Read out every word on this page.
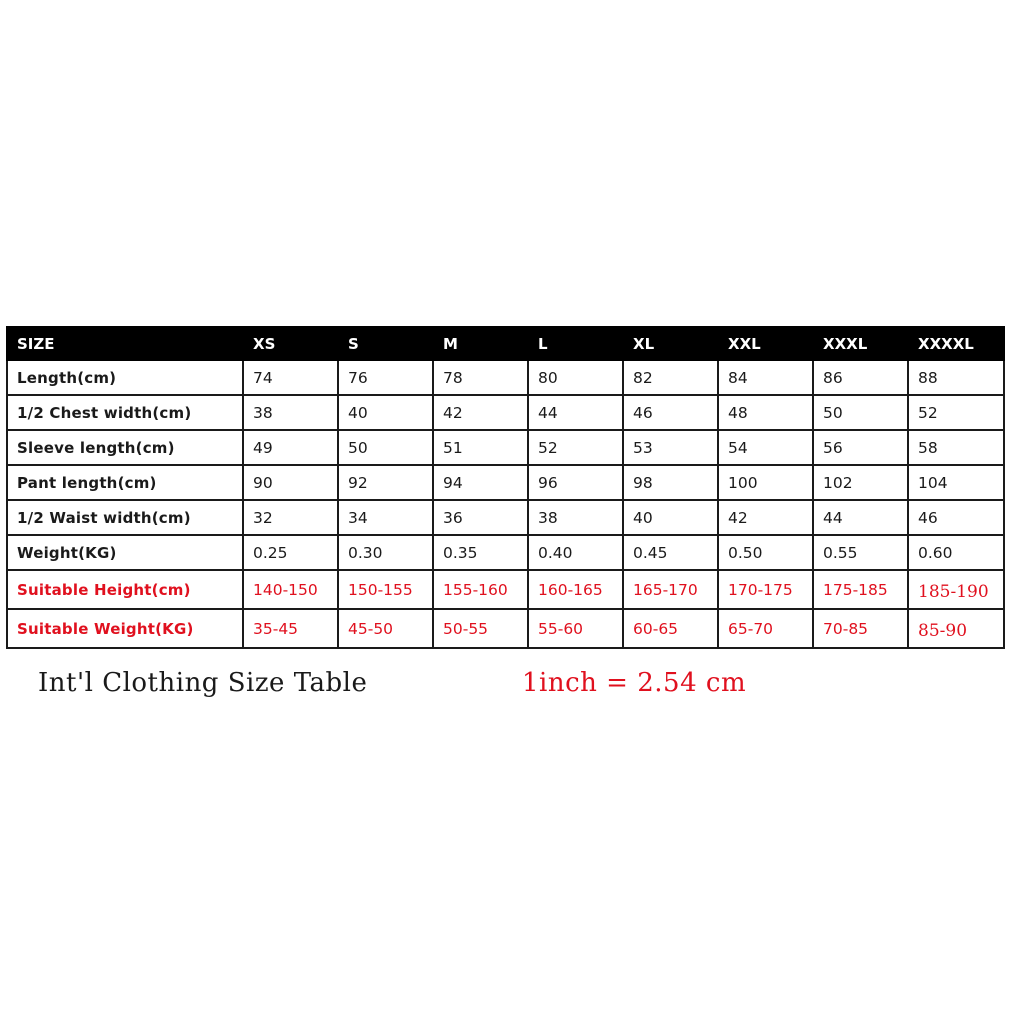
SIZE	XS	S	M	L	XL	XXL	XXXL	XXXXL
Length(cm)	74	76	78	80	82	84	86	88
1/2 Chest width(cm)	38	40	42	44	46	48	50	52
Sleeve length(cm)	49	50	51	52	53	54	56	58
Pant length(cm)	90	92	94	96	98	100	102	104
1/2 Waist width(cm)	32	34	36	38	40	42	44	46
Weight(KG)	0.25	0.30	0.35	0.40	0.45	0.50	0.55	0.60
Suitable Height(cm)	140-150	150-155	155-160	160-165	165-170	170-175	175-185	185-190
Suitable Weight(KG)	35-45	45-50	50-55	55-60	60-65	65-70	70-85	85-90
Int'l Clothing Size Table	1inch = 2.54 cm
